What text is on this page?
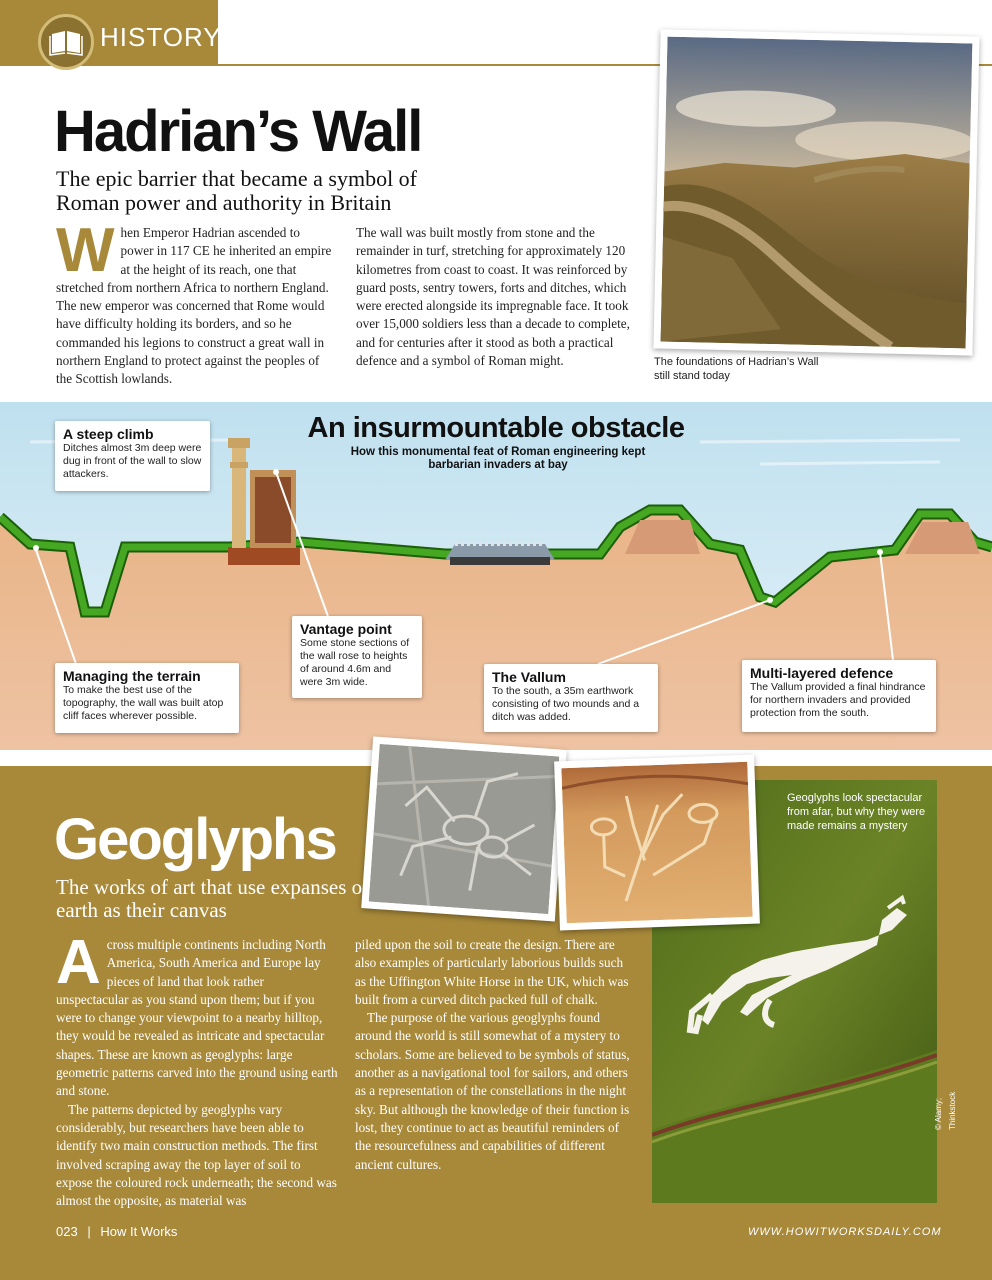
HISTORY
Hadrian’s Wall
The epic barrier that became a symbol of Roman power and authority in Britain
W hen Emperor Hadrian ascended to power in 117 CE he inherited an empire at the height of its reach, one that stretched from northern Africa to northern England. The new emperor was concerned that Rome would have difficulty holding its borders, and so he commanded his legions to construct a great wall in northern England to protect against the peoples of the Scottish lowlands.
The wall was built mostly from stone and the remainder in turf, stretching for approximately 120 kilometres from coast to coast. It was reinforced by guard posts, sentry towers, forts and ditches, which were erected alongside its impregnable face. It took over 15,000 soldiers less than a decade to complete, and for centuries after it stood as both a practical defence and a symbol of Roman might.	The foundations of Hadrian’s Wall still stand today
An insurmountable obstacle
How this monumental feat of Roman engineering kept barbarian invaders at bay
A steep climb
Ditches almost 3m deep were dug in front of the wall to slow attackers.
Vantage point
Some stone sections of the wall rose to heights of around 4.6m and were 3m wide.
Managing the terrain
To make the best use of the topography, the wall was built atop cliff faces wherever possible.
The Vallum
To the south, a 35m earthwork consisting of two mounds and a ditch was added.
Multi-layered defence
The Vallum provided a final hindrance for northern invaders and provided protection from the south.
Geoglyphs look spectacular from afar, but why they were made remains a mystery
© Alamy; Thinkstock
Geoglyphs
The works of art that use expanses of earth as their canvas
A cross multiple continents including North America, South America and Europe lay pieces of land that look rather unspectacular as you stand upon them; but if you were to change your viewpoint to a nearby hilltop, they would be revealed as intricate and spectacular shapes. These are known as geoglyphs: large geometric patterns carved into the ground using earth and stone.

The patterns depicted by geoglyphs vary considerably, but researchers have been able to identify two main construction methods. The first involved scraping away the top layer of soil to expose the coloured rock underneath; the second was almost the opposite, as material was

piled upon the soil to create the design. There are also examples of particularly laborious builds such as the Uffington White Horse in the UK, which was built from a curved ditch packed full of chalk.

The purpose of the various geoglyphs found around the world is still somewhat of a mystery to scholars. Some are believed to be symbols of status, another as a navigational tool for sailors, and others as a representation of the constellations in the night sky. But although the knowledge of their function is lost, they continue to act as beautiful reminders of the resourcefulness and capabilities of different ancient cultures.

023 | How It Works	WWW.HOWITWORKSDAILY.COM
